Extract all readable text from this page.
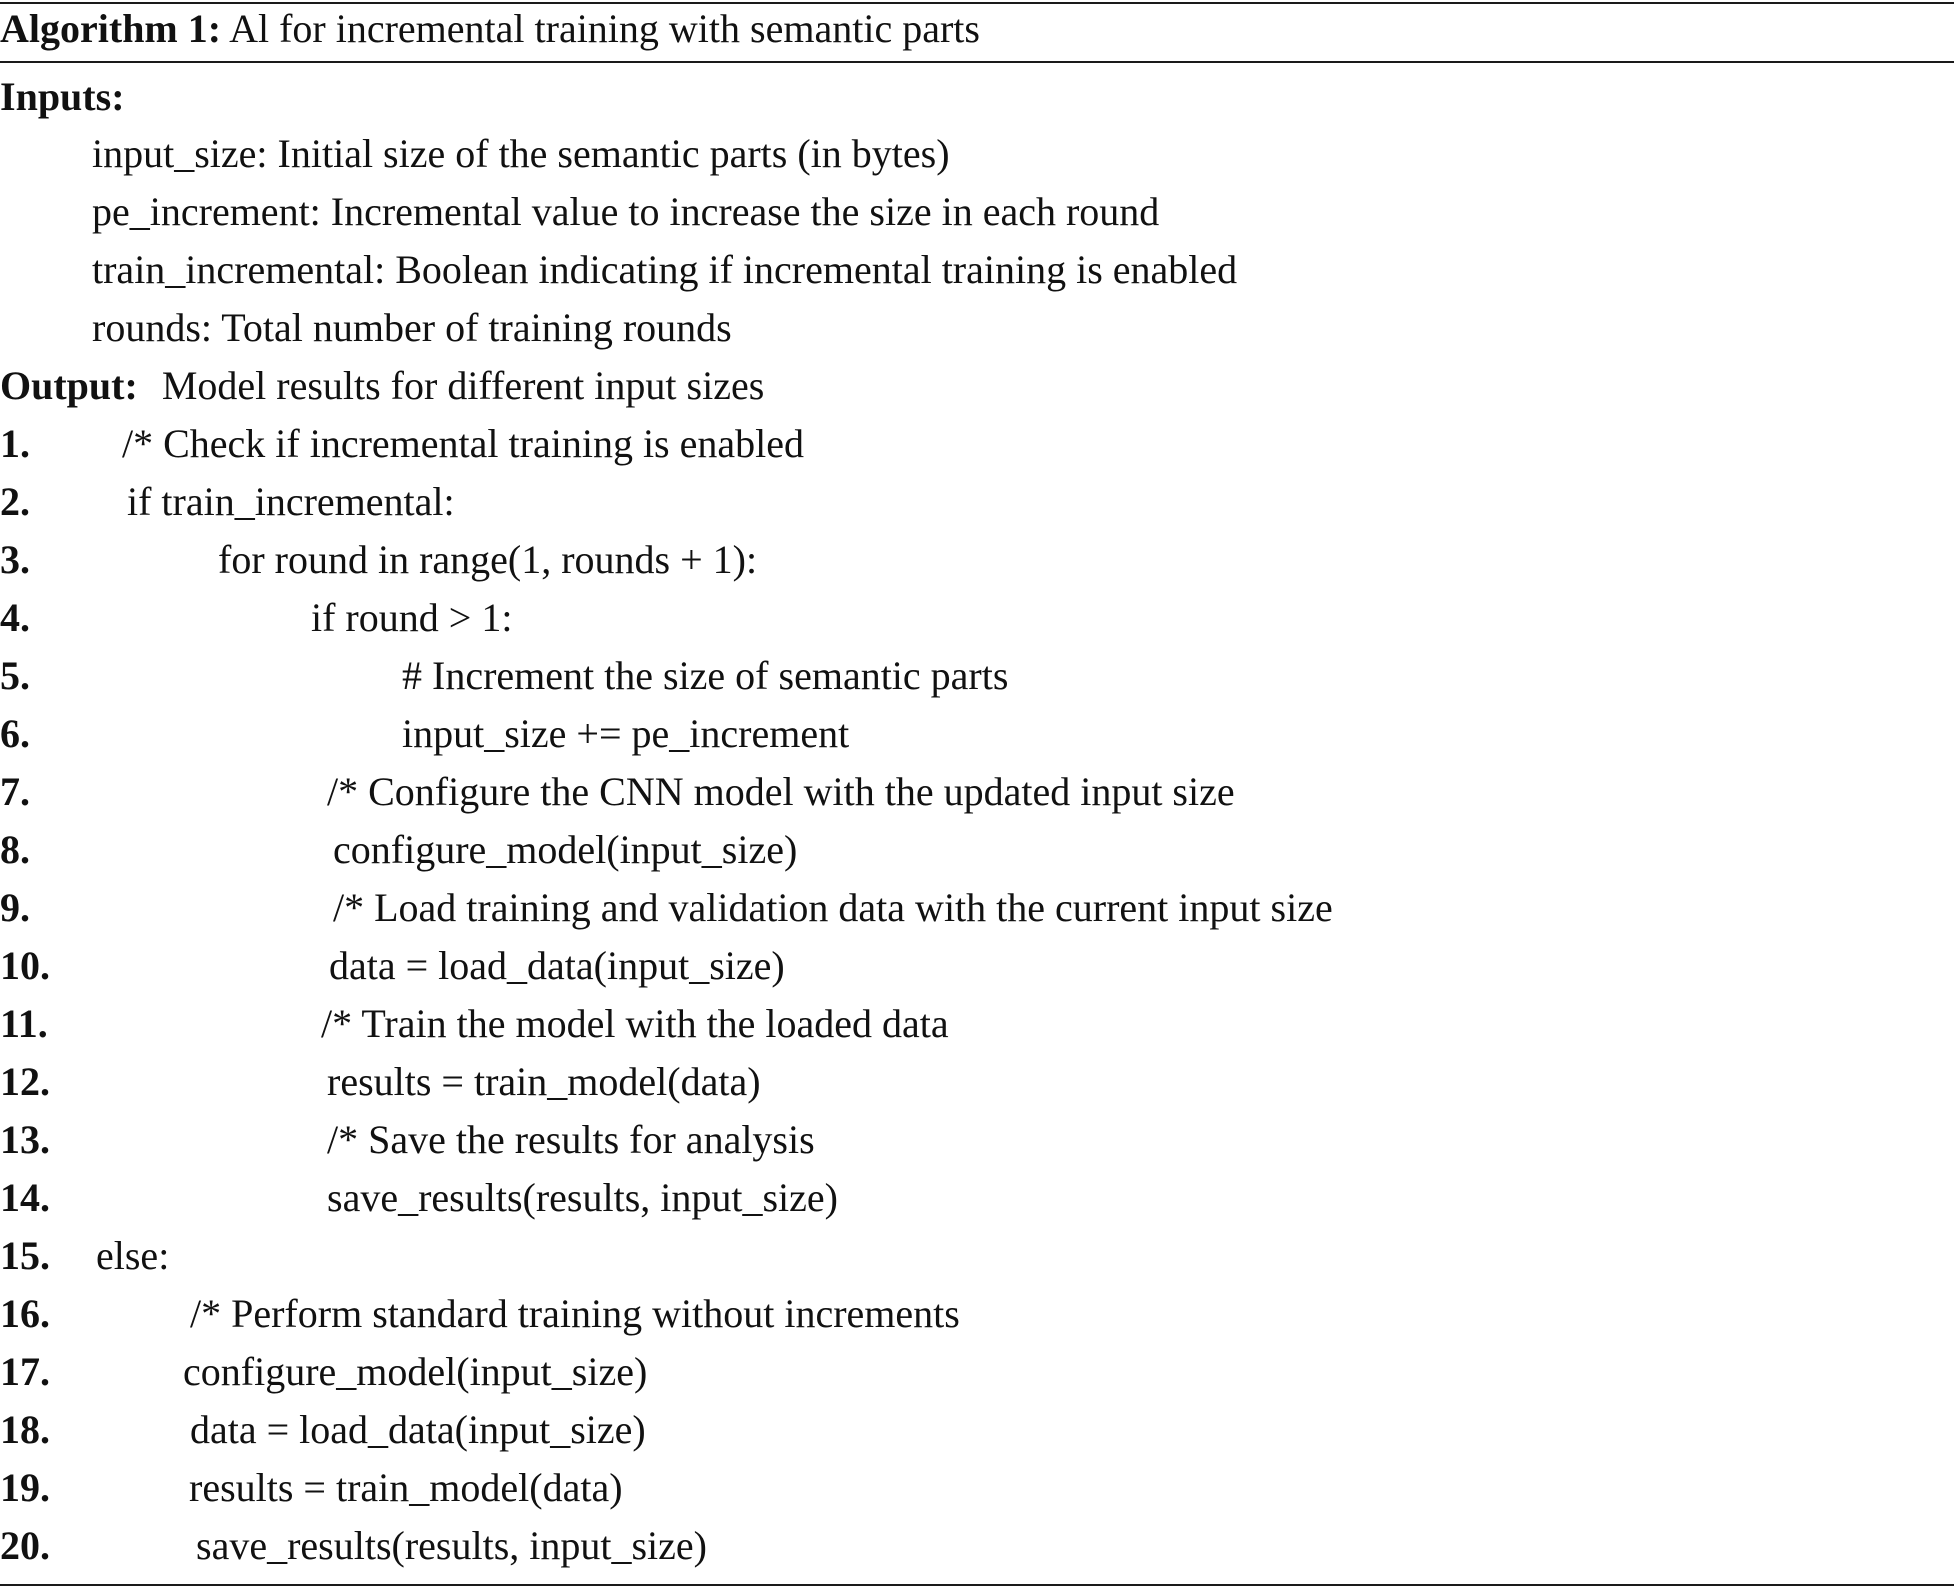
Algorithm 1: Al for incremental training with semantic parts
Inputs:
input_size: Initial size of the semantic parts (in bytes)
pe_increment: Incremental value to increase the size in each round
train_incremental: Boolean indicating if incremental training is enabled
rounds: Total number of training rounds
Output: Model results for different input sizes
1. /* Check if incremental training is enabled
2. if train_incremental:
3.	for round in range(1, rounds + 1):
4.	if round > 1:
5.	# Increment the size of semantic parts
6.	input_size += pe_increment
7.	/* Configure the CNN model with the updated input size
8.	configure_model(input_size)
9.	/* Load training and validation data with the current input size
10.	data = load_data(input_size)
11.	/* Train the model with the loaded data
12.	results = train_model(data)
13.	/* Save the results for analysis
14.	save_results(results, input_size)
15. else:
16.	/* Perform standard training without increments
17.	configure_model(input_size)
18.	data = load_data(input_size)
19.	results = train_model(data)
20.	save_results(results, input_size)
